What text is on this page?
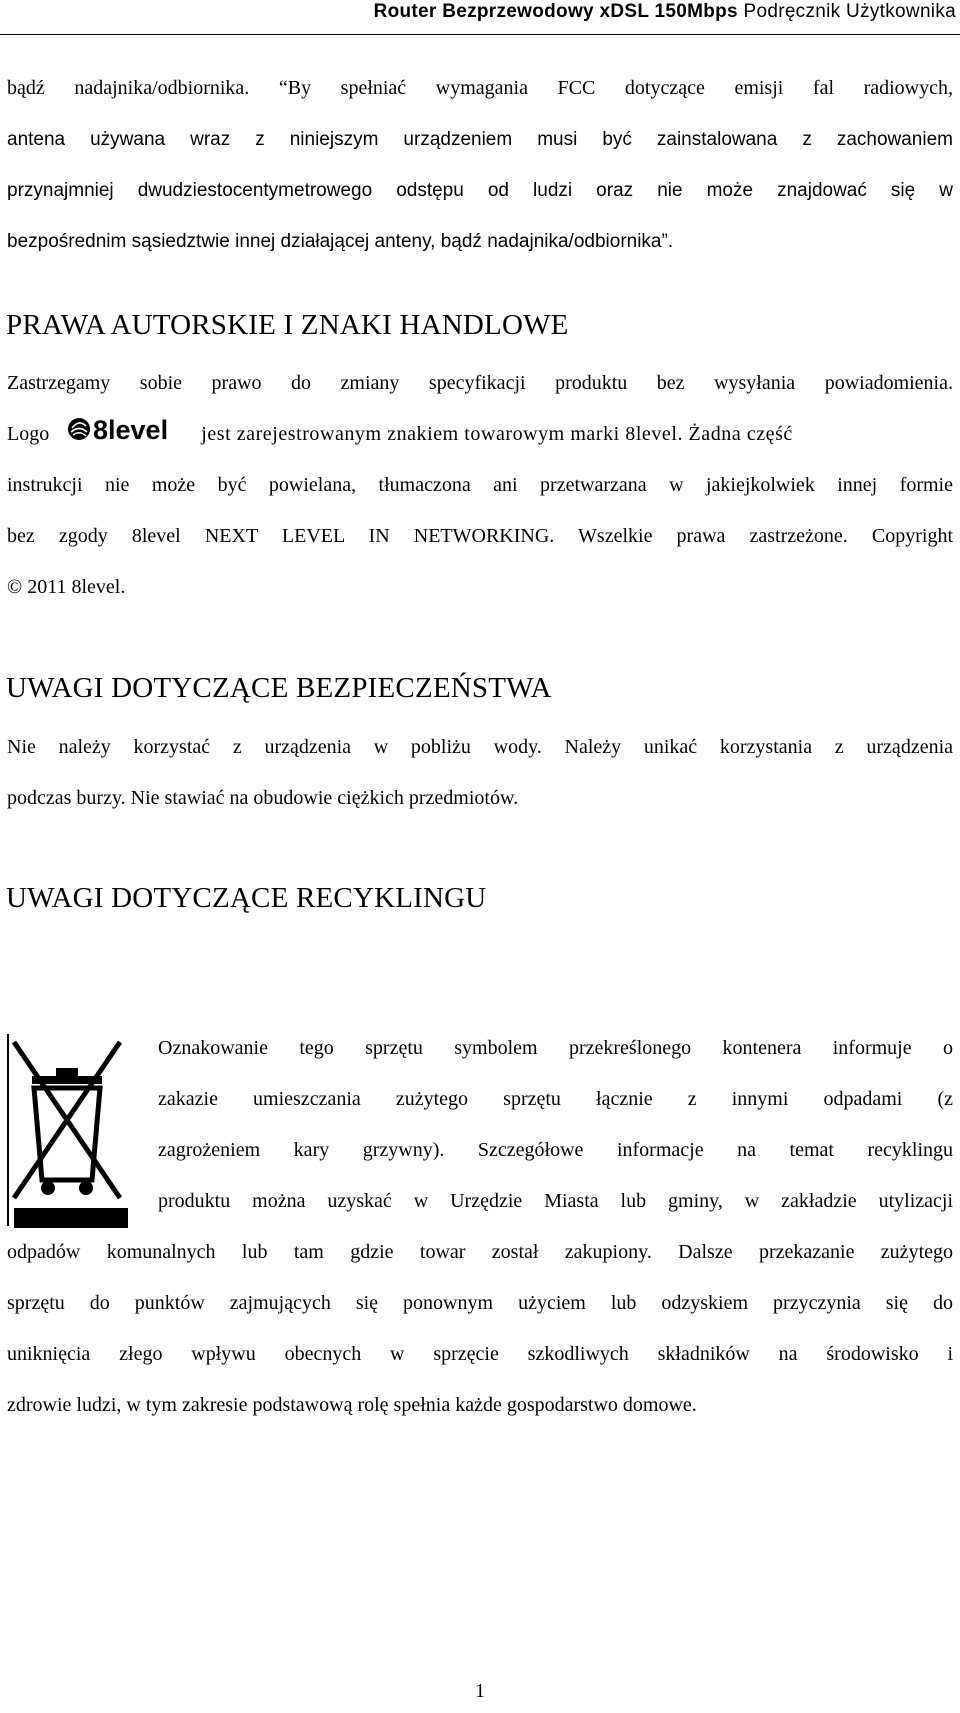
Router Bezprzewodowy xDSL 150Mbps Podręcznik Użytkownika
bądź nadajnika/odbiornika. “By spełniać wymagania FCC dotyczące emisji fal radiowych,
antena używana wraz z niniejszym urządzeniem musi być zainstalowana z zachowaniem
przynajmniej dwudziestocentymetrowego odstępu od ludzi oraz nie może znajdować się w
bezpośrednim sąsiedztwie innej działającej anteny, bądź nadajnika/odbiornika”.
PRAWA AUTORSKIE I ZNAKI HANDLOWE
Zastrzegamy sobie prawo do zmiany specyfikacji produktu bez wysyłania powiadomienia.
Logo 8level jest zarejestrowanym znakiem towarowym marki 8level. Żadna część
instrukcji nie może być powielana, tłumaczona ani przetwarzana w jakiejkolwiek innej formie
bez zgody 8level NEXT LEVEL IN NETWORKING. Wszelkie prawa zastrzeżone. Copyright
© 2011 8level.
UWAGI DOTYCZĄCE BEZPIECZEŃSTWA
Nie należy korzystać z urządzenia w pobliżu wody. Należy unikać korzystania z urządzenia
podczas burzy. Nie stawiać na obudowie ciężkich przedmiotów.
UWAGI DOTYCZĄCE RECYKLINGU
Oznakowanie tego sprzętu symbolem przekreślonego kontenera informuje o
zakazie umieszczania zużytego sprzętu łącznie z innymi odpadami (z
zagrożeniem kary grzywny). Szczegółowe informacje na temat recyklingu
produktu można uzyskać w Urzędzie Miasta lub gminy, w zakładzie utylizacji
odpadów komunalnych lub tam gdzie towar został zakupiony. Dalsze przekazanie zużytego
sprzętu do punktów zajmujących się ponownym użyciem lub odzyskiem przyczynia się do
uniknięcia złego wpływu obecnych w sprzęcie szkodliwych składników na środowisko i
zdrowie ludzi, w tym zakresie podstawową rolę spełnia każde gospodarstwo domowe.
1
